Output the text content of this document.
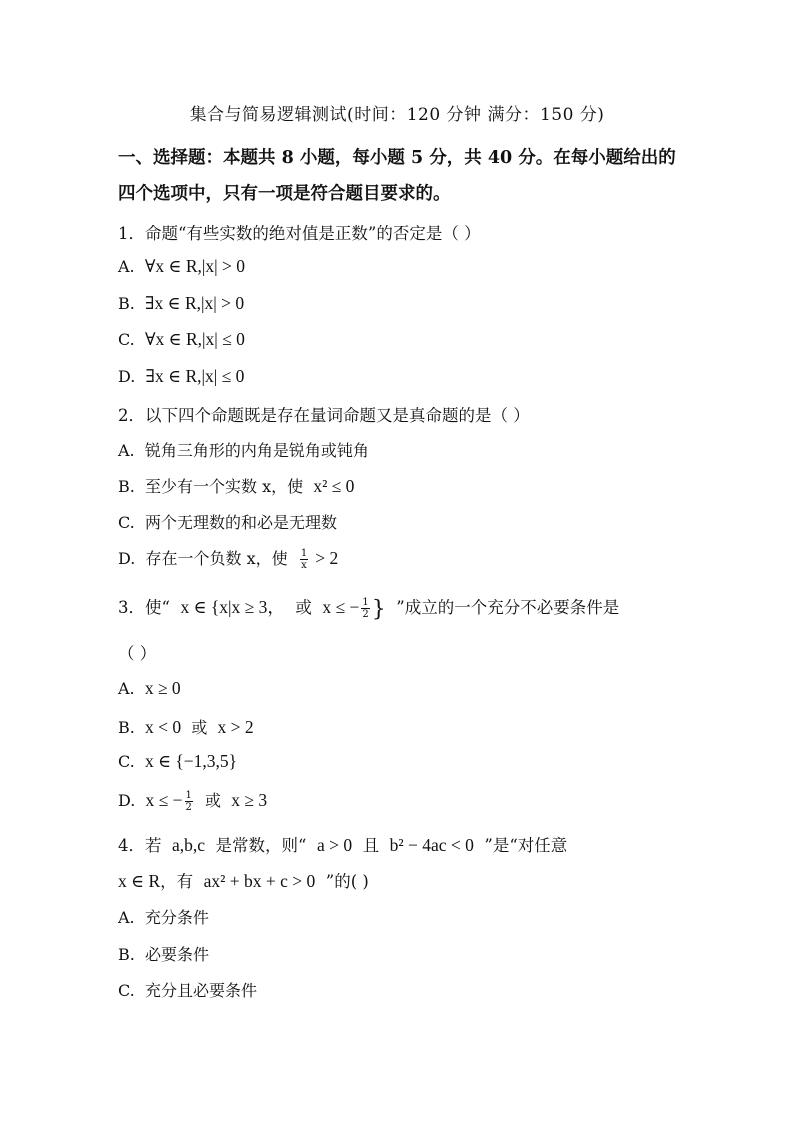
集合与简易逻辑测试(时间：120 分钟 满分：150 分)
一、选择题：本题共 8 小题，每小题 5 分，共 40 分。在每小题给出的四个选项中，只有一项是符合题目要求的。
1．命题“有些实数的绝对值是正数”的否定是（ ）
A. ∀x ∈ R,|x| > 0
B. ∃x ∈ R,|x| > 0
C. ∀x ∈ R,|x| ≤ 0
D. ∃x ∈ R,|x| ≤ 0
2．以下四个命题既是存在量词命题又是真命题的是（ ）
A. 锐角三角形的内角是锐角或钝角
B. 至少有一个实数 x，使 x² ≤ 0
C. 两个无理数的和必是无理数
D. 存在一个负数 x，使 $\frac{1}{x} > 2$
3．使“ x ∈ {x|x ≥ 3， 或 x ≤ − $\frac{1}{2}$ } ”成立的一个充分不必要条件是
（ ）
A. x ≥ 0
B. x < 0 或 x > 2
C. x ∈ {−1,3,5}
D. x ≤ − $\frac{1}{2}$ 或 x ≥ 3
4．若 a,b,c 是常数，则“ a > 0 且 b² − 4ac < 0 ”是“对任意
x ∈ R，有 ax² + bx + c > 0 ”的( )
A. 充分条件
B. 必要条件
C. 充分且必要条件
